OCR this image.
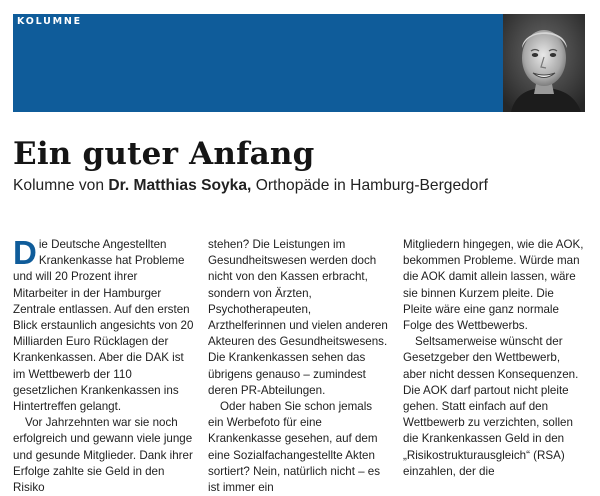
KOLUMNE
Ein guter Anfang

Kolumne von Dr. Matthias Soyka, Orthopäde in Hamburg-Bergedorf

Die Deutsche Angestellten Krankenkasse hat Probleme und will 20 Prozent ihrer Mitarbeiter in der Hamburger Zentrale entlassen. Auf den ersten Blick erstaunlich angesichts von 20 Milliarden Euro Rücklagen der Krankenkassen. Aber die DAK ist im Wettbewerb der 110 gesetzlichen Krankenkassen ins Hintertreffen gelangt.

Vor Jahrzehnten war sie noch erfolgreich und gewann viele junge und gesunde Mitglieder. Dank ihrer Erfolge zahlte sie Geld in den Risiko

stehen? Die Leistungen im Gesundheitswesen werden doch nicht von den Kassen erbracht, sondern von Ärzten, Psychotherapeuten, Arzthelferinnen und vielen anderen Akteuren des Gesundheitswesens. Die Krankenkassen sehen das übrigens genauso – zumindest deren PR-Abteilungen.

Oder haben Sie schon jemals ein Werbefoto für eine Krankenkasse gesehen, auf dem eine Sozialfachangestellte Akten sortiert? Nein, natürlich nicht – es ist immer ein

Mitgliedern hingegen, wie die AOK, bekommen Probleme. Würde man die AOK damit allein lassen, wäre sie binnen Kurzem pleite. Die Pleite wäre eine ganz normale Folge des Wettbewerbs.

Seltsamerweise wünscht der Gesetzgeber den Wettbewerb, aber nicht dessen Konsequenzen. Die AOK darf partout nicht pleite gehen. Statt einfach auf den Wettbewerb zu verzichten, sollen die Krankenkassen Geld in den „Risikostrukturausgleich“ (RSA) einzahlen, der die
